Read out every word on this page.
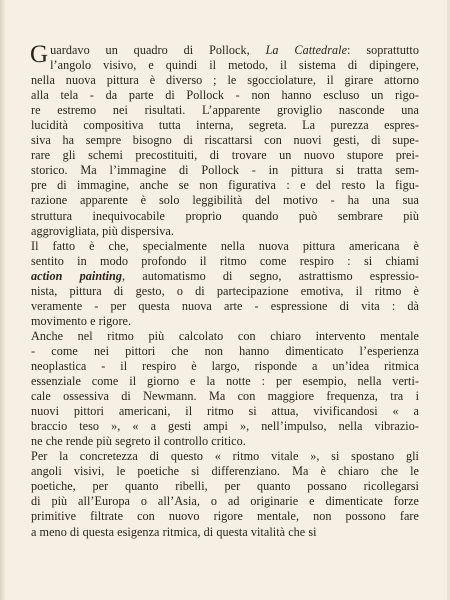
G uardavo un quadro di Pollock, La Cattedrale: soprattutto
l’angolo visivo, e quindi il metodo, il sistema di dipingere,
nella nuova pittura è diverso ; le sgocciolature, il girare attorno
alla tela - da parte di Pollock - non hanno escluso un rigo-
re estremo nei risultati. L’apparente groviglio nasconde una
lucidità compositiva tutta interna, segreta. La purezza espres-
siva ha sempre bisogno di riscattarsi con nuovi gesti, di supe-
rare gli schemi precostituiti, di trovare un nuovo stupore prei-
storico. Ma l’immagine di Pollock - in pittura si tratta sem-
pre di immagine, anche se non figurativa : e del resto la figu-
razione apparente è solo leggibilità del motivo - ha una sua
struttura inequivocabile proprio quando può sembrare più
aggrovigliata, più dispersiva.
Il fatto è che, specialmente nella nuova pittura americana è
sentito in modo profondo il ritmo come respiro : si chiami
action painting, automatismo di segno, astrattismo espressio-
nista, pittura di gesto, o di partecipazione emotiva, il ritmo è
veramente - per questa nuova arte - espressione di vita : dà
movimento e rigore.
Anche nel ritmo più calcolato con chiaro intervento mentale
- come nei pittori che non hanno dimenticato l’esperienza
neoplastica - il respiro è largo, risponde a un’idea ritmica
essenziale come il giorno e la notte : per esempio, nella verti-
cale ossessiva di Newmann. Ma con maggiore frequenza, tra i
nuovi pittori americani, il ritmo si attua, vivificandosi « a
braccio teso », « a gesti ampi », nell’impulso, nella vibrazio-
ne che rende più segreto il controllo critico.
Per la concretezza di questo « ritmo vitale », si spostano gli
angoli visivi, le poetiche si differenziano. Ma è chiaro che le
poetiche, per quanto ribelli, per quanto possano ricollegarsi
di più all’Europa o all’Asia, o ad originarie e dimenticate forze
primitive filtrate con nuovo rigore mentale, non possono fare
a meno di questa esigenza ritmica, di questa vitalità che si
